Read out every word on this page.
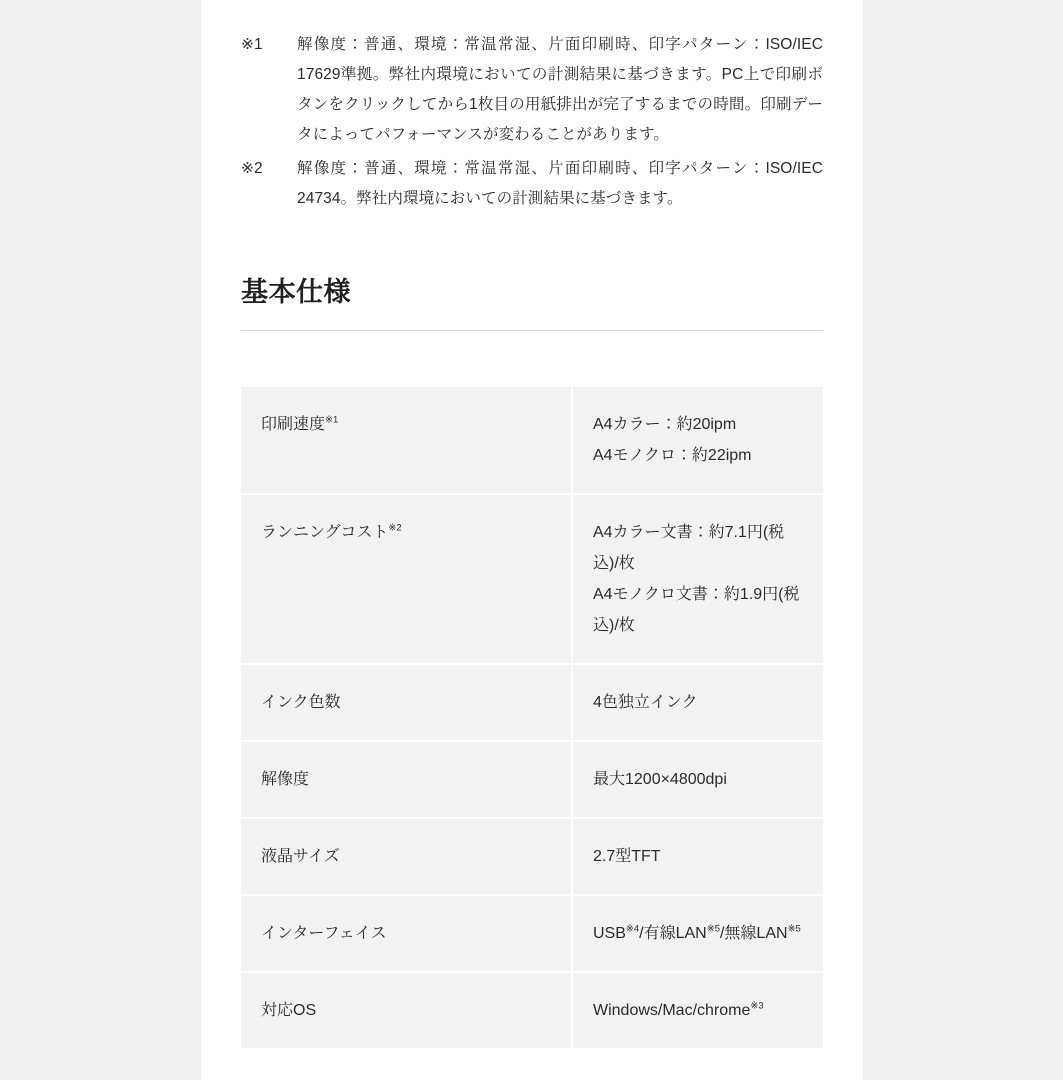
※1	解像度：普通、環境：常温常湿、片面印刷時、印字パターン：ISO/IEC 17629準拠。弊社内環境においての計測結果に基づきます。PC上で印刷ボタンをクリックしてから1枚目の用紙排出が完了するまでの時間。印刷データによってパフォーマンスが変わることがあります。
※2	解像度：普通、環境：常温常湿、片面印刷時、印字パターン：ISO/IEC 24734。弊社内環境においての計測結果に基づきます。
基本仕様
印刷速度$^{※1}$	A4カラー：約20ipm
A4モノクロ：約22ipm

ランニングコスト$^{※2}$	A4カラー文書：約7.1円(税込)/枚
A4モノクロ文書：約1.9円(税込)/枚

インク色数	4色独立インク

解像度	最大1200×4800dpi

液晶サイズ	2.7型TFT

インターフェイス	USB$^{※4}$/有線LAN$^{※5}$/無線LAN$^{※5}$
対応OS	Windows/Mac/chrome$^{※3}$
